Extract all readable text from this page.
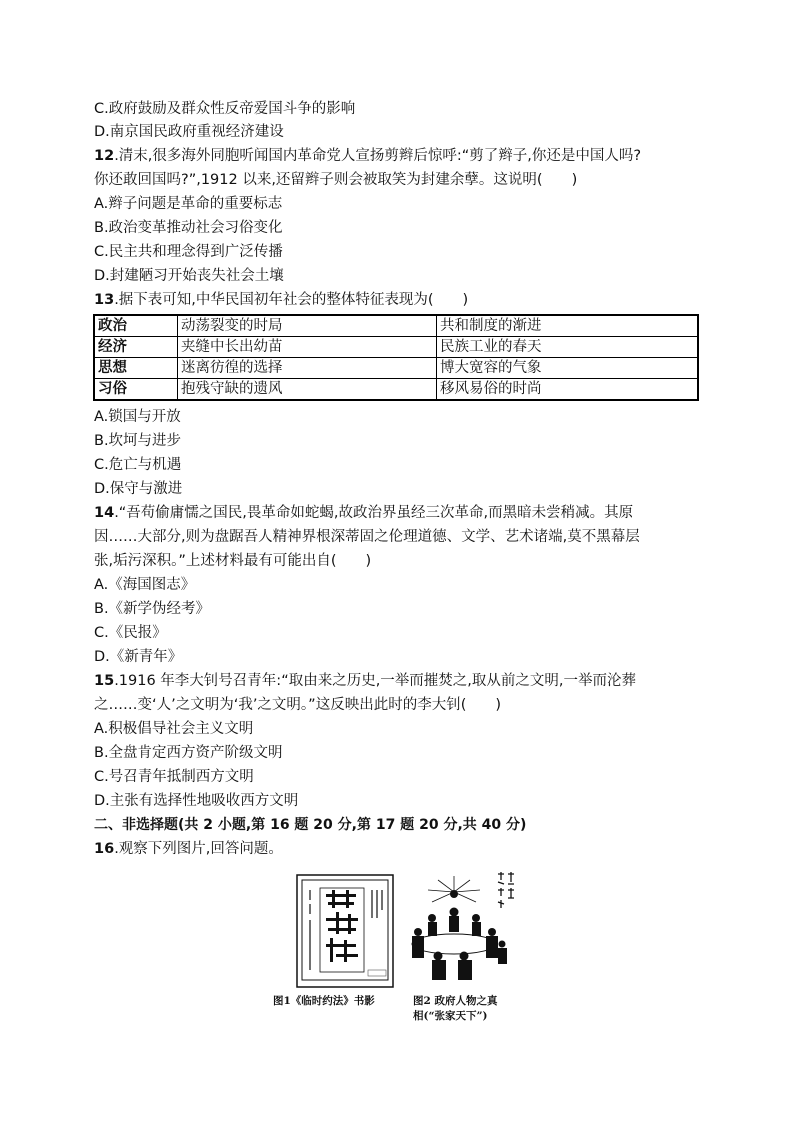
C.政府鼓励及群众性反帝爱国斗争的影响
D.南京国民政府重视经济建设
12.清末,很多海外同胞听闻国内革命党人宣扬剪辫后惊呼:“剪了辫子,你还是中国人吗?
你还敢回国吗?”,1912 以来,还留辫子则会被取笑为封建余孽。这说明(　　)
A.辫子问题是革命的重要标志
B.政治变革推动社会习俗变化
C.民主共和理念得到广泛传播
D.封建陋习开始丧失社会土壤
13.据下表可知,中华民国初年社会的整体特征表现为(　　)
政治	动荡裂变的时局	共和制度的渐进
经济	夹缝中长出幼苗	民族工业的春天
思想	迷离彷徨的选择	博大宽容的气象
习俗	抱残守缺的遗风	移风易俗的时尚
A.锁国与开放
B.坎坷与进步
C.危亡与机遇
D.保守与激进
14.“吾苟偷庸懦之国民,畏革命如蛇蝎,故政治界虽经三次革命,而黑暗未尝稍减。其原
因……大部分,则为盘踞吾人精神界根深蒂固之伦理道德、文学、艺术诸端,莫不黑幕层
张,垢污深积。”上述材料最有可能出自(　　)
A.《海国图志》
B.《新学伪经考》
C.《民报》
D.《新青年》
15.1916 年李大钊号召青年:“取由来之历史,一举而摧焚之,取从前之文明,一举而沦葬
之……变‘人’之文明为‘我’之文明。”这反映出此时的李大钊(　　)
A.积极倡导社会主义文明
B.全盘肯定西方资产阶级文明
C.号召青年抵制西方文明
D.主张有选择性地吸收西方文明
二、非选择题(共 2 小题,第 16 题 20 分,第 17 题 20 分,共 40 分)
16.观察下列图片,回答问题。
图1《临时约法》书影	图2 政府人物之真
相(“张家天下”)
